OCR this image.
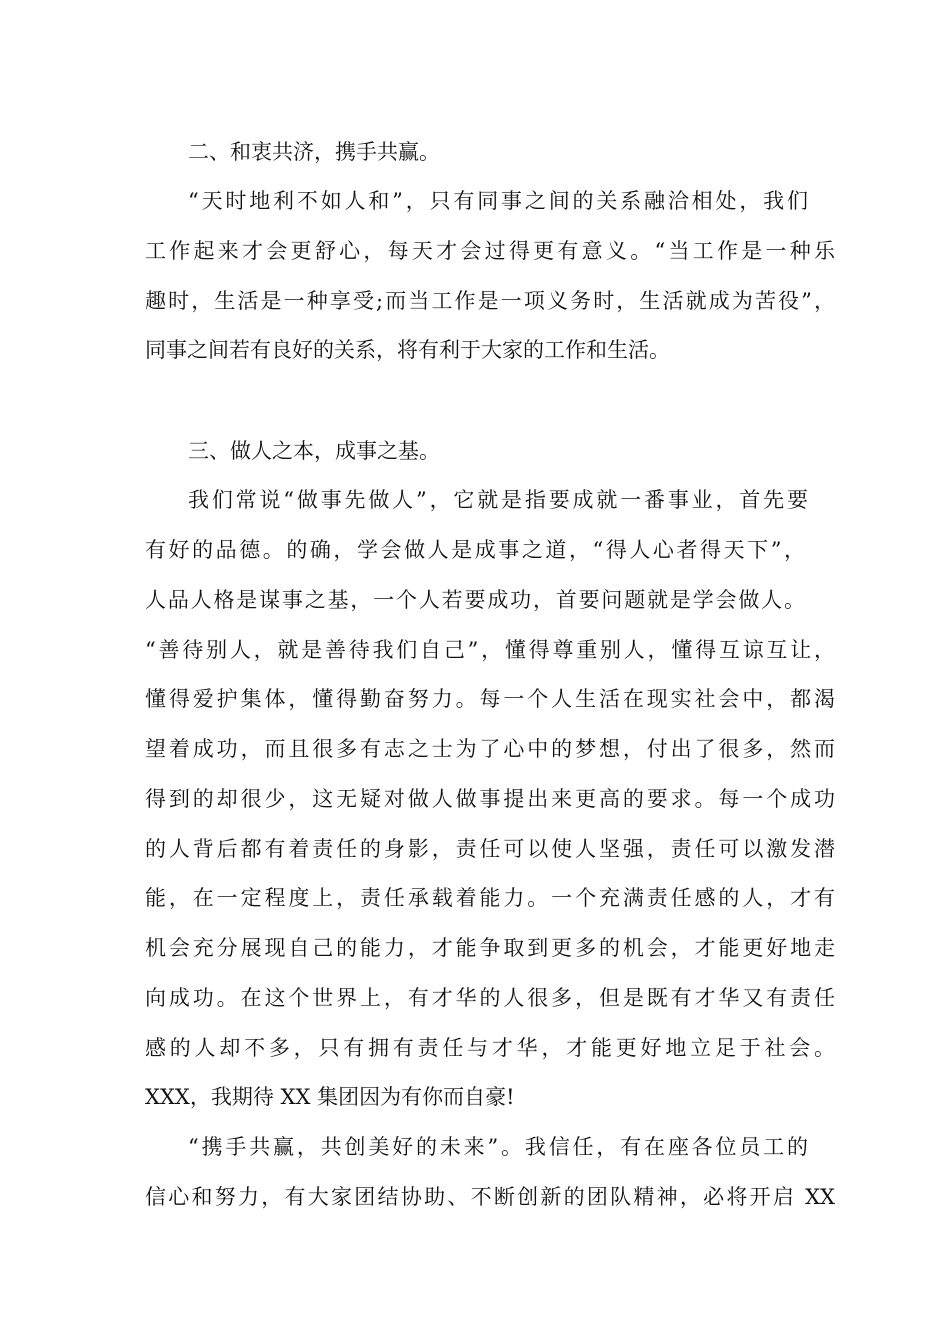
二、和衷共济，携手共赢。
“天时地利不如人和”，只有同事之间的关系融洽相处，我们
工作起来才会更舒心，每天才会过得更有意义。“当工作是一种乐
趣时，生活是一种享受;而当工作是一项义务时，生活就成为苦役”，
同事之间若有良好的关系，将有利于大家的工作和生活。
三、做人之本，成事之基。
我们常说“做事先做人”，它就是指要成就一番事业，首先要
有好的品德。的确，学会做人是成事之道，“得人心者得天下”，
人品人格是谋事之基，一个人若要成功，首要问题就是学会做人。
“善待别人，就是善待我们自己”，懂得尊重别人，懂得互谅互让，
懂得爱护集体，懂得勤奋努力。每一个人生活在现实社会中，都渴
望着成功，而且很多有志之士为了心中的梦想，付出了很多，然而
得到的却很少，这无疑对做人做事提出来更高的要求。每一个成功
的人背后都有着责任的身影，责任可以使人坚强，责任可以激发潜
能，在一定程度上，责任承载着能力。一个充满责任感的人，才有
机会充分展现自己的能力，才能争取到更多的机会，才能更好地走
向成功。在这个世界上，有才华的人很多，但是既有才华又有责任
感的人却不多，只有拥有责任与才华，才能更好地立足于社会。
XXX，我期待 XX 集团因为有你而自豪!
“携手共赢，共创美好的未来”。我信任，有在座各位员工的
信心和努力，有大家团结协助、不断创新的团队精神，必将开启 XX
